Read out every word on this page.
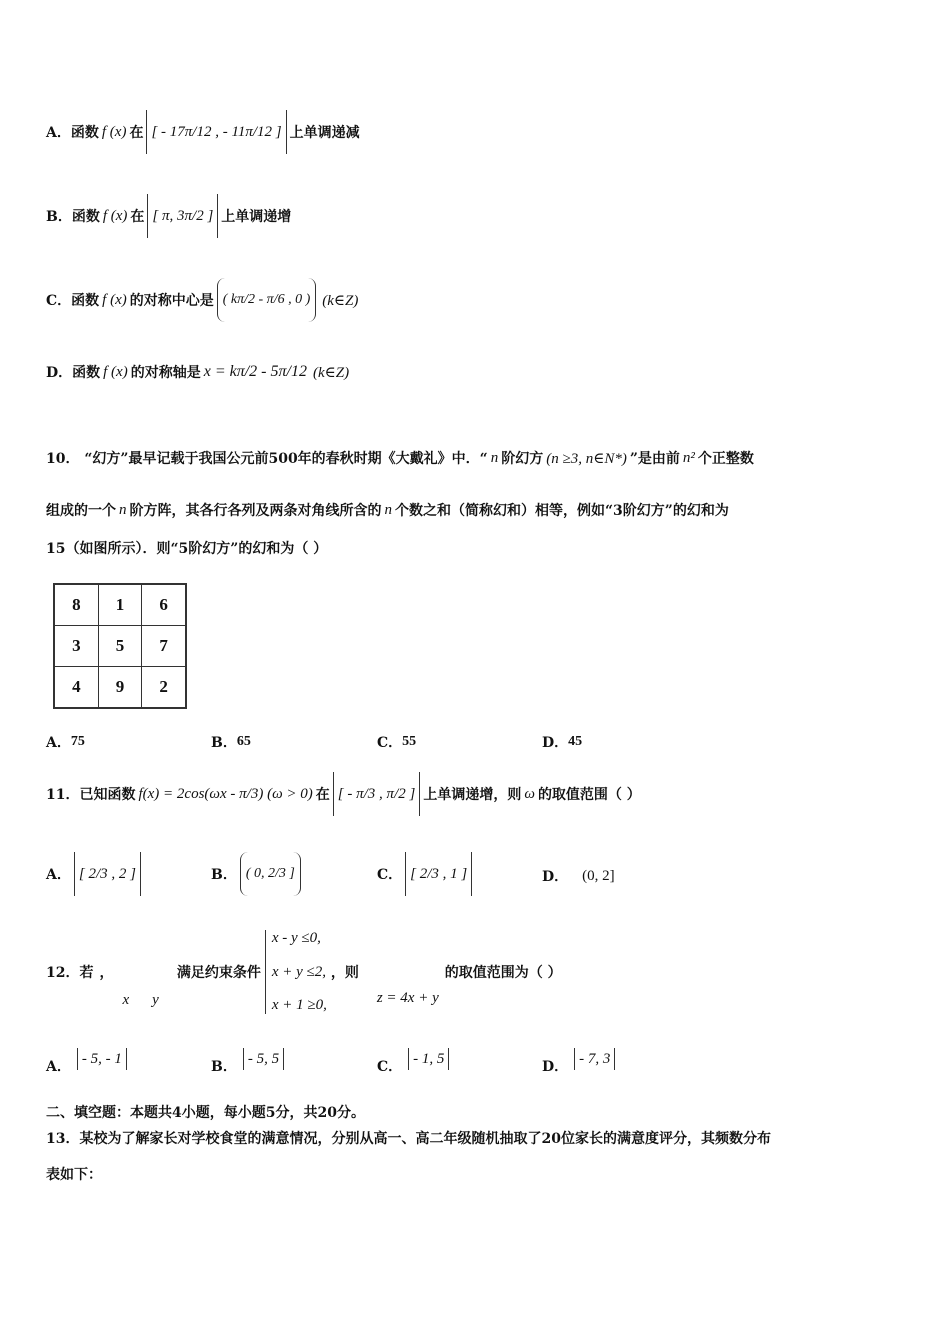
A．函数 f (x) 在 [ - 17π/12 , - 11π/12 ] 上单调递减
B．函数 f (x) 在 [ π, 3π/2 ] 上单调递增
C．函数 f (x) 的对称中心是 ( kπ/2 - π/6 , 0 ) (k∈Z)
D．函数 f (x) 的对称轴是 x = kπ/2 - 5π/12 (k∈Z)
10． “幻方”最早记载于我国公元前500年的春秋时期《大戴礼》中．“ n 阶幻方 (n ≥3, n∈N*) ”是由前 n² 个正整数
组成的一个 n 阶方阵，其各行各列及两条对角线所含的 n 个数之和（简称幻和）相等，例如“3阶幻方”的幻和为
15（如图所示）．则“5阶幻方”的幻和为（ ）
8	1	6
3	5	7
4	9	2
A． 75	B． 65	C． 55	D． 45
11．已知函数 f(x) = 2cos(ωx - π/3) (ω > 0) 在 [ - π/3 , π/2 ] 上单调递增，则 ω 的取值范围（ ）
A． [ 2/3 , 2 ]	B． ( 0, 2/3 ]	C． [ 2/3 , 1 ]	D． (0, 2]
12．若 ，
x y
满足约束条件
x - y ≤0,
x + y ≤2,
x + 1 ≥0,
，则
z = 4x + y
的取值范围为（ ）
A．
- 5, - 1
B．
- 5, 5
C．
- 1, 5
D．
- 7, 3
二、填空题：本题共4小题，每小题5分，共20分。
13．某校为了解家长对学校食堂的满意情况，分别从高一、高二年级随机抽取了20位家长的满意度评分，其频数分布
表如下：
